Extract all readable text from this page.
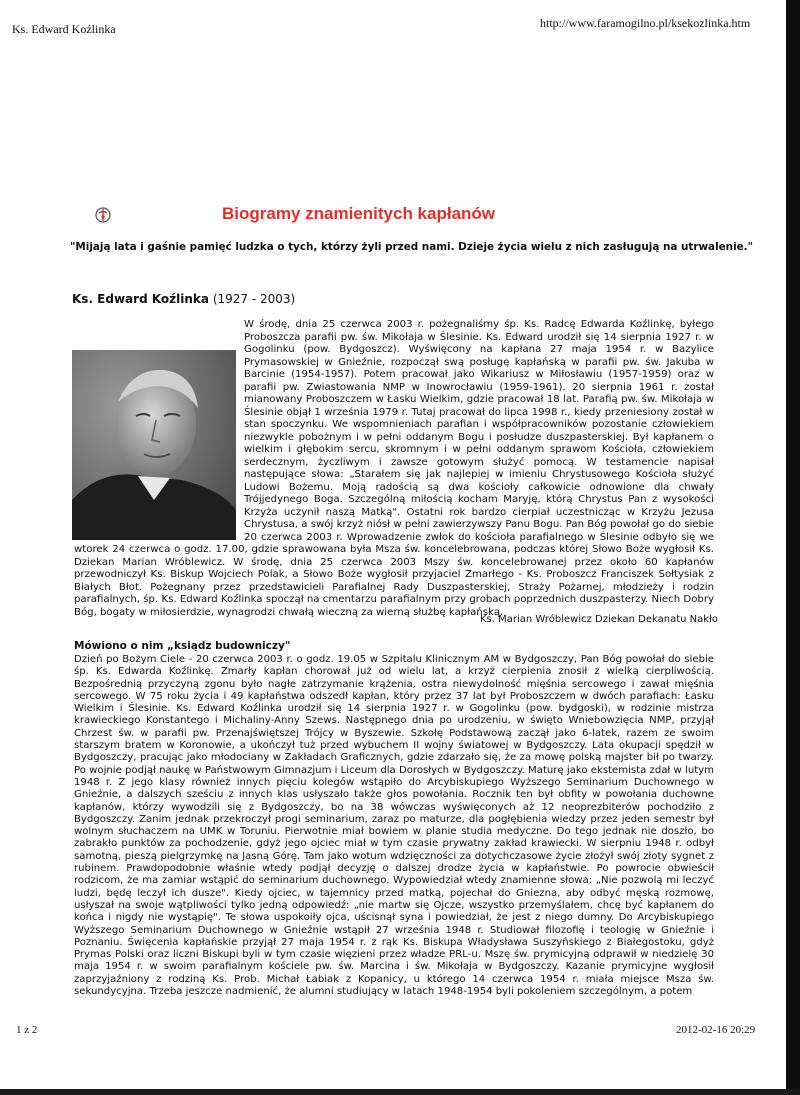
Ks. Edward Koźlinka	http://www.faramogilno.pl/ksekozlinka.htm
Biogramy znamienitych kapłanów
"Mijają lata i gaśnie pamięć ludzka o tych, którzy żyli przed nami. Dzieje życia wielu z nich zasługują na utrwalenie."
Ks. Edward Koźlinka (1927 - 2003)
W środę, dnia 25 czerwca 2003 r. pożegnaliśmy śp. Ks. Radcę Edwarda Koźlinkę, byłego Proboszcza parafii pw. św. Mikołaja w Ślesinie. Ks. Edward urodził się 14 sierpnia 1927 r. w Gogolinku (pow. Bydgoszcz). Wyświęcony na kapłana 27 maja 1954 r. w Bazylice Prymasowskiej w Gnieźnie, rozpoczął swą posługę kapłańską w parafii pw. św. Jakuba w Barcinie (1954-1957). Potem pracował jako Wikariusz w Miłosławiu (1957-1959) oraz w parafii pw. Zwiastowania NMP w Inowrocławiu (1959-1961). 20 sierpnia 1961 r. został mianowany Proboszczem w Łasku Wielkim, gdzie pracował 18 lat. Parafią pw. św. Mikołaja w Ślesinie objął 1 września 1979 r. Tutaj pracował do lipca 1998 r., kiedy przeniesiony został w stan spoczynku. We wspomnieniach parafian i współpracowników pozostanie człowiekiem niezwykle pobożnym i w pełni oddanym Bogu i posłudze duszpasterskiej. Był kapłanem o wielkim i głębokim sercu, skromnym i w pełni oddanym sprawom Kościoła, człowiekiem serdecznym, życzliwym i zawsze gotowym służyć pomocą. W testamencie napisał następujące słowa: „Starałem się jak najlepiej w imieniu Chrystusowego Kościoła służyć Ludowi Bożemu. Moją radością są dwa kościoły całkowicie odnowione dla chwały Trójjedynego Boga. Szczególną miłością kocham Maryję, którą Chrystus Pan z wysokości Krzyża uczynił naszą Matką". Ostatni rok bardzo cierpiał uczestnicząc w Krzyżu Jezusa Chrystusa, a swój krzyż niósł w pełni zawierzywszy Panu Bogu. Pan Bóg powołał go do siebie 20 czerwca 2003 r. Wprowadzenie zwłok do kościoła parafialnego w Ślesinie odbyło się we wtorek 24 czerwca o godz. 17.00, gdzie sprawowana była Msza św. koncelebrowana, podczas której Słowo Boże wygłosił Ks. Dziekan Marian Wróblewicz. W środę, dnia 25 czerwca 2003 Mszy św. koncelebrowanej przez około 60 kapłanów przewodniczył Ks. Biskup Wojciech Polak, a Słowo Boże wygłosił przyjaciel Zmarłego - Ks. Proboszcz Franciszek Sołtysiak z Białych Błot. Pożegnany przez przedstawicieli Parafialnej Rady Duszpasterskiej, Straży Pożarnej, młodzieży i rodzin parafialnych, śp. Ks. Edward Koźlinka spoczął na cmentarzu parafialnym przy grobach poprzednich duszpasterzy. Niech Dobry Bóg, bogaty w miłosierdzie, wynagrodzi chwałą wieczną za wierną służbę kapłańską.
Ks. Marian Wróblewicz Dziekan Dekanatu Nakło
Mówiono o nim „ksiądz budowniczy"
Dzień po Bożym Ciele - 20 czerwca 2003 r. o godz. 19.05 w Szpitalu Klinicznym AM w Bydgoszczy, Pan Bóg powołał do siebie śp. Ks. Edwarda Koźlinkę. Zmarły kapłan chorował już od wielu lat, a krzyż cierpienia znosił z wielką cierpliwością. Bezpośrednią przyczyną zgonu było nagłe zatrzymanie krążenia, ostra niewydolność mięśnia sercowego i zawał mięśnia sercowego. W 75 roku życia i 49 kapłaństwa odszedł kapłan, który przez 37 lat był Proboszczem w dwóch parafiach: Łasku Wielkim i Ślesinie. Ks. Edward Koźlinka urodził się 14 sierpnia 1927 r. w Gogolinku (pow. bydgoski), w rodzinie mistrza krawieckiego Konstantego i Michaliny-Anny Szews. Następnego dnia po urodzeniu, w święto Wniebowzięcia NMP, przyjął Chrzest św. w parafii pw. Przenajświętszej Trójcy w Byszewie. Szkołę Podstawową zaczął jako 6-latek, razem ze swoim starszym bratem w Koronowie, a ukończył tuż przed wybuchem II wojny światowej w Bydgoszczy. Lata okupacji spędził w Bydgoszczy, pracując jako młodociany w Zakładach Graficznych, gdzie zdarzało się, że za mowę polską majster bił po twarzy. Po wojnie podjął naukę w Państwowym Gimnazjum i Liceum dla Dorosłych w Bydgoszczy. Maturę jako ekstemista zdał w lutym 1948 r. Z jego klasy również innych pięciu kolegów wstąpiło do Arcybiskupiego Wyższego Seminarium Duchownego w Gnieźnie, a dalszych sześciu z innych klas usłyszało także głos powołania. Rocznik ten był obfity w powołania duchowne kapłanów, którzy wywodzili się z Bydgoszczy, bo na 38 wówczas wyświęconych aż 12 neoprezbiterów pochodziło z Bydgoszczy. Zanim jednak przekroczył progi seminarium, zaraz po maturze, dla pogłębienia wiedzy przez jeden semestr był wolnym słuchaczem na UMK w Toruniu. Pierwotnie miał bowiem w planie studia medyczne. Do tego jednak nie doszło, bo zabrakło punktów za pochodzenie, gdyż jego ojciec miał w tym czasie prywatny zakład krawiecki. W sierpniu 1948 r. odbył samotną, pieszą pielgrzymkę na Jasną Górę. Tam jako wotum wdzięczności za dotychczasowe życie złożył swój złoty sygnet z rubinem. Prawdopodobnie właśnie wtedy podjął decyzję o dalszej drodze życia w kapłaństwie. Po powrocie obwieścił rodzicom, że ma zamiar wstąpić do seminarium duchownego. Wypowiedział wtedy znamienne słowa: „Nie pozwolą mi leczyć ludzi, będę leczył ich dusze". Kiedy ojciec, w tajemnicy przed matką, pojechał do Gniezna, aby odbyć męską rozmowę, usłyszał na swoje wątpliwości tylko jedną odpowiedź: „nie martw się Ojcze, wszystko przemyślałem, chcę być kapłanem do końca i nigdy nie wystąpię". Te słowa uspokoiły ojca, uścisnął syna i powiedział, że jest z niego dumny. Do Arcybiskupiego Wyższego Seminarium Duchownego w Gnieźnie wstąpił 27 września 1948 r. Studiował filozofię i teologię w Gnieźnie i Poznaniu. Święcenia kapłańskie przyjął 27 maja 1954 r. z rąk Ks. Biskupa Władysława Suszyńskiego z Białegostoku, gdyż Prymas Polski oraz liczni Biskupi byli w tym czasie więzieni przez władze PRL-u. Mszę św. prymicyjną odprawił w niedzielę 30 maja 1954 r. w swoim parafialnym kościele pw. św. Marcina i św. Mikołaja w Bydgoszczy. Kazanie prymicyjne wygłosił zaprzyjaźniony z rodziną Ks. Prob. Michał Łabiak z Kopanicy, u którego 14 czerwca 1954 r. miała miejsce Msza św. sekundycyjna. Trzeba jeszcze nadmienić, że alumni studiujący w latach 1948-1954 byli pokoleniem szczególnym, a potem
1 z 2	2012-02-16 20:29
